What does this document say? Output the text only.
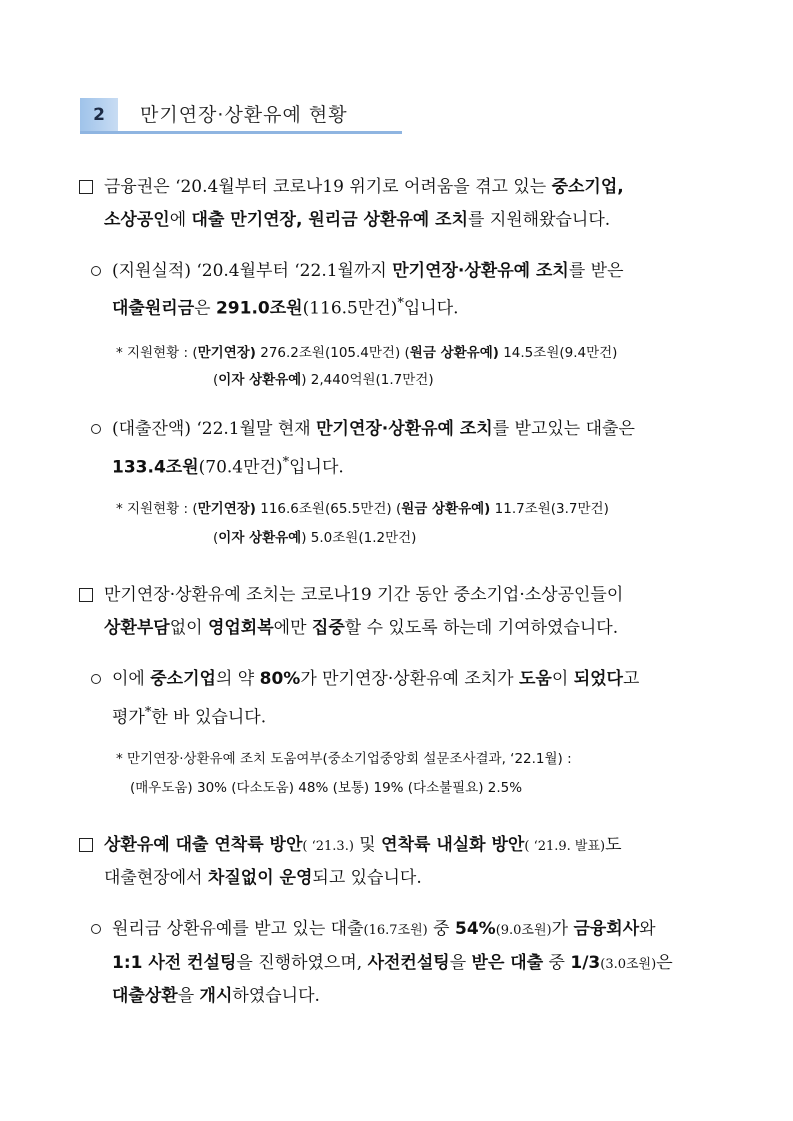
2	만기연장·상환유예 현황
금융권은 ‘20.4월부터 코로나19 위기로 어려움을 겪고 있는 중소기업,
소상공인에 대출 만기연장, 원리금 상환유예 조치를 지원해왔습니다.
(지원실적) ‘20.4월부터 ‘22.1월까지 만기연장·상환유예 조치를 받은
대출원리금은 291.0조원(116.5만건)*입니다.
* 지원현황 : (만기연장) 276.2조원(105.4만건) (원금 상환유예) 14.5조원(9.4만건)
(이자 상환유예) 2,440억원(1.7만건)
(대출잔액) ‘22.1월말 현재 만기연장·상환유예 조치를 받고있는 대출은
133.4조원(70.4만건)*입니다.
* 지원현황 : (만기연장) 116.6조원(65.5만건) (원금 상환유예) 11.7조원(3.7만건)
(이자 상환유예) 5.0조원(1.2만건)
만기연장·상환유예 조치는 코로나19 기간 동안 중소기업·소상공인들이
상환부담없이 영업회복에만 집중할 수 있도록 하는데 기여하였습니다.
이에 중소기업의 약 80%가 만기연장·상환유예 조치가 도움이 되었다고
평가*한 바 있습니다.
* 만기연장·상환유예 조치 도움여부(중소기업중앙회 설문조사결과, ‘22.1월) :
(매우도움) 30% (다소도움) 48% (보통) 19% (다소불필요) 2.5%
상환유예 대출 연착륙 방안( ‘21.3.) 및 연착륙 내실화 방안( ‘21.9. 발표)도
대출현장에서 차질없이 운영되고 있습니다.
원리금 상환유예를 받고 있는 대출(16.7조원) 중 54%(9.0조원)가 금융회사와
1:1 사전 컨설팅을 진행하였으며, 사전컨설팅을 받은 대출 중 1/3(3.0조원)은
대출상환을 개시하였습니다.
